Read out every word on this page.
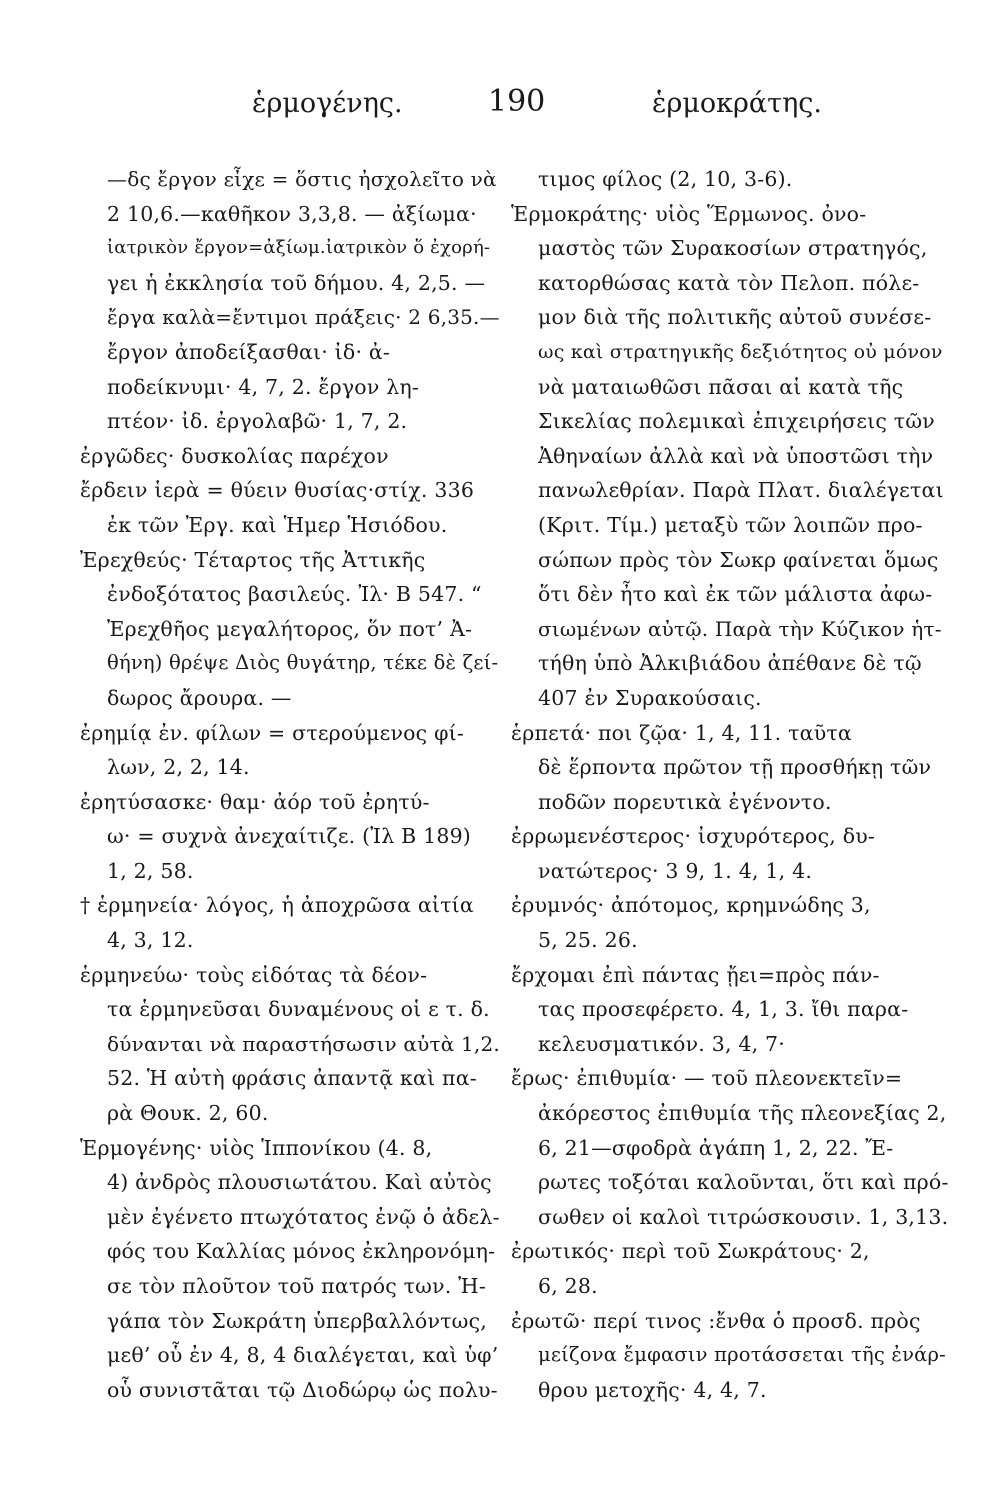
ἑρμογένης.	190	ἑρμοκράτης.
—δς ἔργον εἶχε = ὅστις ἠσχολεῖτο νὰ
2 10,6.—καθῆκον 3,3,8. — ἀξίωμα·
ἰατρικὸν ἔργον=ἀξίωμ.ἰατρικὸν ὅ ἐχορή-
γει ἡ ἐκκλησία τοῦ δήμου. 4, 2,5. —
ἔργα καλὰ=ἔντιμοι πράξεις· 2 6,35.—
ἔργον ἀποδείξασθαι· ἰδ· ἀ-
ποδείκνυμι· 4, 7, 2. ἔργον λη-
πτέον· ἰδ. ἐργολαβῶ· 1, 7, 2.
ἐργῶδες· δυσκολίας παρέχον
ἔρδειν ἱερὰ = θύειν θυσίας·στίχ. 336
ἐκ τῶν Ἐργ. καὶ Ἡμερ Ἡσιόδου.
Ἐρεχθεύς· Τέταρτος τῆς Ἀττικῆς
ἐνδοξότατος βασιλεύς. Ἰλ· Β 547. “
Ἐρεχθῆος μεγαλήτορος, ὅν ποτ’ Ἀ-
θήνη) θρέψε Διὸς θυγάτηρ, τέκε δὲ ζεί-
δωρος ἄρουρα. —
ἐρημίᾳ ἐν. φίλων = στερούμενος φί-
λων, 2, 2, 14.
ἐρητύσασκε· θαμ· ἀόρ τοῦ ἐρητύ-
ω· = συχνὰ ἀνεχαίτιζε. (Ἰλ Β 189)
1, 2, 58.
† ἑρμηνεία· λόγος, ἡ ἀποχρῶσα αἰτία
4, 3, 12.
ἑρμηνεύω· τοὺς εἰδότας τὰ δέον-
τα ἑρμηνεῦσαι δυναμένους οἱ ε τ. δ.
δύνανται νὰ παραστήσωσιν αὐτὰ 1,2.
52. Ἡ αὐτὴ φράσις ἀπαντᾷ καὶ πα-
ρὰ Θουκ. 2, 60.
Ἑρμογένης· υἱὸς Ἱππονίκου (4. 8,
4) ἀνδρὸς πλουσιωτάτου. Καὶ αὐτὸς
μὲν ἐγένετο πτωχότατος ἐνῷ ὁ ἀδελ-
φός του Καλλίας μόνος ἐκληρονόμη-
σε τὸν πλοῦτον τοῦ πατρός των. Ἠ-
γάπα τὸν Σωκράτη ὑπερβαλλόντως,
μεθ’ οὗ ἐν 4, 8, 4 διαλέγεται, καὶ ὑφ’
οὗ συνιστᾶται τῷ Διοδώρῳ ὡς πολυ-
τιμος φίλος (2, 10, 3-6).
Ἑρμοκράτης· υἱὸς Ἕρμωνος. ὀνο-
μαστὸς τῶν Συρακοσίων στρατηγός,
κατορθώσας κατὰ τὸν Πελοπ. πόλε-
μον διὰ τῆς πολιτικῆς αὐτοῦ συνέσε-
ως καὶ στρατηγικῆς δεξιότητος οὐ μόνον
νὰ ματαιωθῶσι πᾶσαι αἱ κατὰ τῆς
Σικελίας πολεμικαὶ ἐπιχειρήσεις τῶν
Ἀθηναίων ἀλλὰ καὶ νὰ ὑποστῶσι τὴν
πανωλεθρίαν. Παρὰ Πλατ. διαλέγεται
(Κριτ. Τίμ.) μεταξὺ τῶν λοιπῶν προ-
σώπων πρὸς τὸν Σωκρ φαίνεται ὅμως
ὅτι δὲν ἦτο καὶ ἐκ τῶν μάλιστα ἀφω-
σιωμένων αὐτῷ. Παρὰ τὴν Κύζικον ἡτ-
τήθη ὑπὸ Ἀλκιβιάδου ἀπέθανε δὲ τῷ
407 ἐν Συρακούσαις.
ἑρπετά· ποι ζῷα· 1, 4, 11. ταῦτα
δὲ ἕρποντα πρῶτον τῇ προσθήκῃ τῶν
ποδῶν πορευτικὰ ἐγένοντο.
ἐρρωμενέστερος· ἰσχυρότερος, δυ-
νατώτερος· 3 9, 1. 4, 1, 4.
ἐρυμνός· ἀπότομος, κρημνώδης 3,
5, 25. 26.
ἔρχομαι ἐπὶ πάντας ᾔει=πρὸς πάν-
τας προσεφέρετο. 4, 1, 3. ἴθι παρα-
κελευσματικόν. 3, 4, 7·
ἔρως· ἐπιθυμία· — τοῦ πλεονεκτεῖν=
ἀκόρεστος ἐπιθυμία τῆς πλεονεξίας 2,
6, 21—σφοδρὰ ἀγάπη 1, 2, 22. Ἔ-
ρωτες τοξόται καλοῦνται, ὅτι καὶ πρό-
σωθεν οἱ καλοὶ τιτρώσκουσιν. 1, 3,13.
ἐρωτικός· περὶ τοῦ Σωκράτους· 2,
6, 28.
ἐρωτῶ· περί τινος :ἔνθα ὁ προσδ. πρὸς
μείζονα ἔμφασιν προτάσσεται τῆς ἐνάρ-
θρου μετοχῆς· 4, 4, 7.
